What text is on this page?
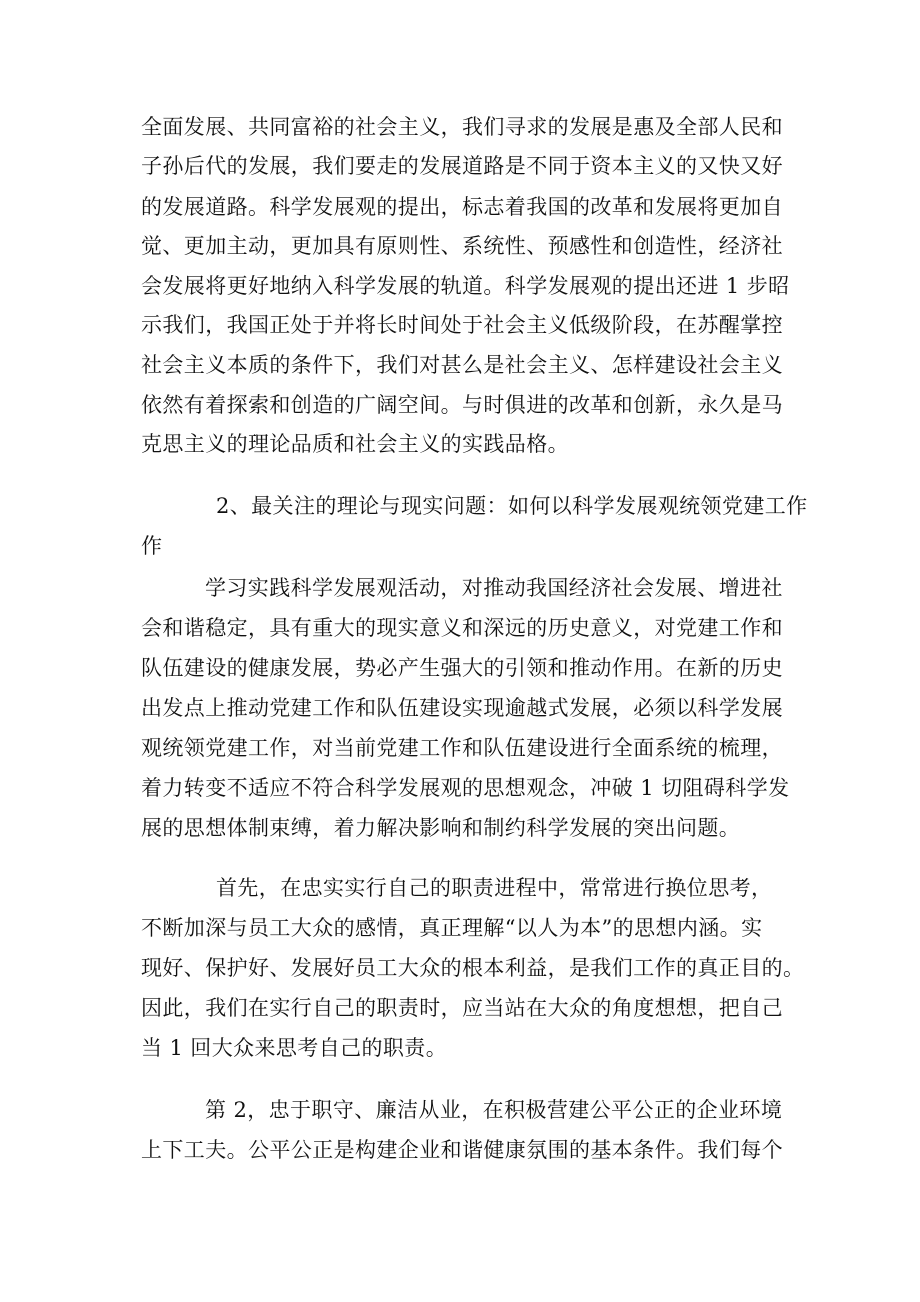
全面发展、共同富裕的社会主义，我们寻求的发展是惠及全部人民和
子孙后代的发展，我们要走的发展道路是不同于资本主义的又快又好
的发展道路。科学发展观的提出，标志着我国的改革和发展将更加自
觉、更加主动，更加具有原则性、系统性、预感性和创造性，经济社
会发展将更好地纳入科学发展的轨道。科学发展观的提出还进 1 步昭
示我们，我国正处于并将长时间处于社会主义低级阶段，在苏醒掌控
社会主义本质的条件下，我们对甚么是社会主义、怎样建设社会主义
依然有着探索和创造的广阔空间。与时俱进的改革和创新，永久是马
克思主义的理论品质和社会主义的实践品格。
2、最关注的理论与现实问题：如何以科学发展观统领党建工作
作
学习实践科学发展观活动，对推动我国经济社会发展、增进社
会和谐稳定，具有重大的现实意义和深远的历史意义，对党建工作和
队伍建设的健康发展，势必产生强大的引领和推动作用。在新的历史
出发点上推动党建工作和队伍建设实现逾越式发展，必须以科学发展
观统领党建工作，对当前党建工作和队伍建设进行全面系统的梳理，
着力转变不适应不符合科学发展观的思想观念，冲破 1 切阻碍科学发
展的思想体制束缚，着力解决影响和制约科学发展的突出问题。
首先，在忠实实行自己的职责进程中，常常进行换位思考，
不断加深与员工大众的感情，真正理解“以人为本”的思想内涵。实
现好、保护好、发展好员工大众的根本利益，是我们工作的真正目的。
因此，我们在实行自己的职责时，应当站在大众的角度想想，把自己
当 1 回大众来思考自己的职责。
第 2，忠于职守、廉洁从业，在积极营建公平公正的企业环境
上下工夫。公平公正是构建企业和谐健康氛围的基本条件。我们每个
